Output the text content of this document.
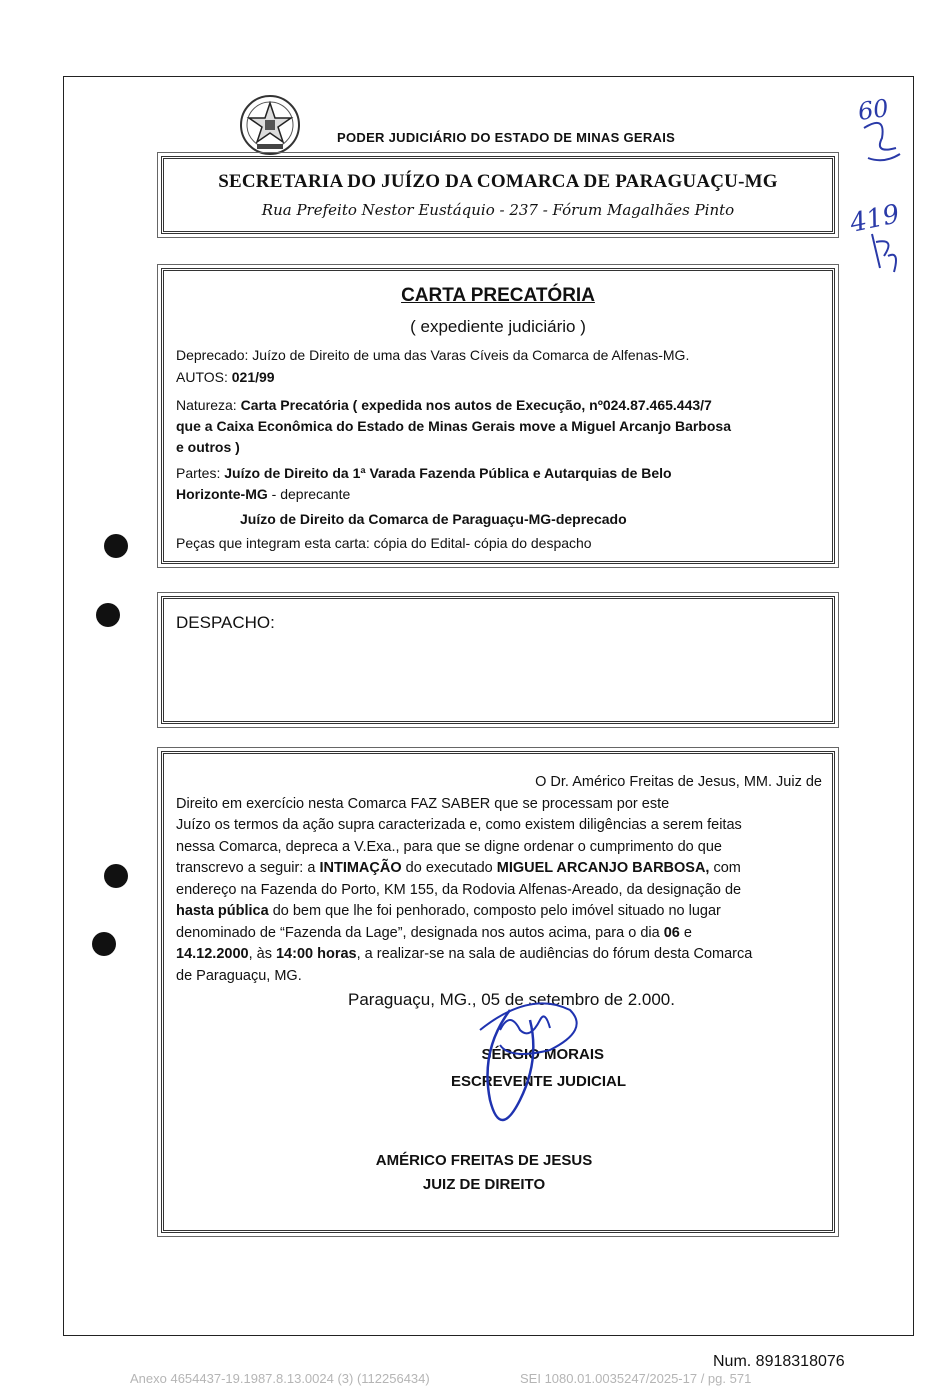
PODER JUDICIÁRIO DO ESTADO DE MINAS GERAIS
SECRETARIA DO JUÍZO DA COMARCA DE PARAGUAÇU-MG
Rua Prefeito Nestor Eustáquio - 237 - Fórum Magalhães Pinto
60
419
CARTA PRECATÓRIA
( expediente judiciário )
Deprecado: Juízo de Direito de uma das Varas Cíveis da Comarca de Alfenas-MG.
AUTOS: 021/99
Natureza: Carta Precatória ( expedida nos autos de Execução, nº024.87.465.443/7
que a Caixa Econômica do Estado de Minas Gerais move a Miguel Arcanjo Barbosa
e outros )
Partes: Juízo de Direito da 1ª Varada Fazenda Pública e Autarquias de Belo
Horizonte-MG - deprecante
Juízo de Direito da Comarca de Paraguaçu-MG-deprecado
Peças que integram esta carta: cópia do Edital- cópia do despacho
DESPACHO:
O Dr. Américo Freitas de Jesus, MM. Juiz de
Direito em exercício nesta Comarca FAZ SABER que se processam por este
Juízo os termos da ação supra caracterizada e, como existem diligências a serem feitas
nessa Comarca, depreca a V.Exa., para que se digne ordenar o cumprimento do que
transcrevo a seguir: a INTIMAÇÃO do executado MIGUEL ARCANJO BARBOSA, com
endereço na Fazenda do Porto, KM 155, da Rodovia Alfenas-Areado, da designação de
hasta pública do bem que lhe foi penhorado, composto pelo imóvel situado no lugar
denominado de “Fazenda da Lage”, designada nos autos acima, para o dia 06 e
14.12.2000, às 14:00 horas, a realizar-se na sala de audiências do fórum desta Comarca
de Paraguaçu, MG.
Paraguaçu, MG., 05 de setembro de 2.000.
SÉRGIO MORAIS
ESCREVENTE JUDICIAL
AMÉRICO FREITAS DE JESUS
JUIZ DE DIREITO
Num. 8918318076
Anexo 4654437-19.1987.8.13.0024 (3) (112256434)	SEI 1080.01.0035247/2025-17 / pg. 571
